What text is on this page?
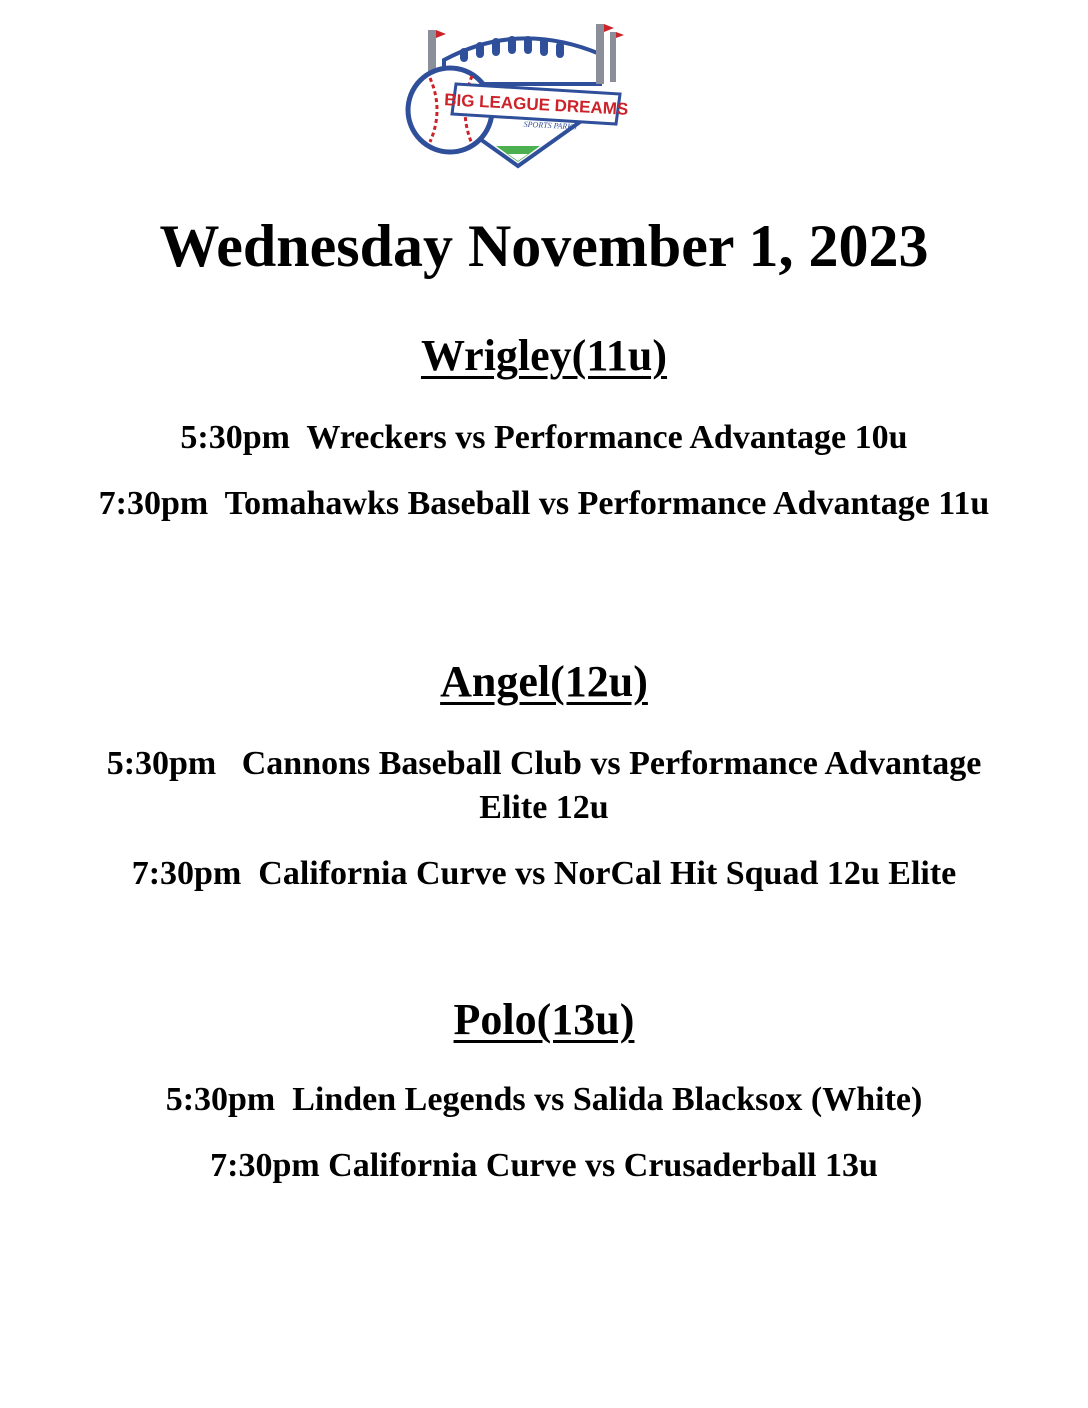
BIG LEAGUE DREAMS
SPORTS PARKS
Wednesday November 1, 2023
Wrigley(11u)

5:30pm  Wreckers vs Performance Advantage 10u

7:30pm  Tomahawks Baseball vs Performance Advantage 11u

Angel(12u)

5:30pm   Cannons Baseball Club vs Performance Advantage Elite 12u

7:30pm  California Curve vs NorCal Hit Squad 12u Elite

Polo(13u)

5:30pm  Linden Legends vs Salida Blacksox (White)

7:30pm California Curve vs Crusaderball 13u
